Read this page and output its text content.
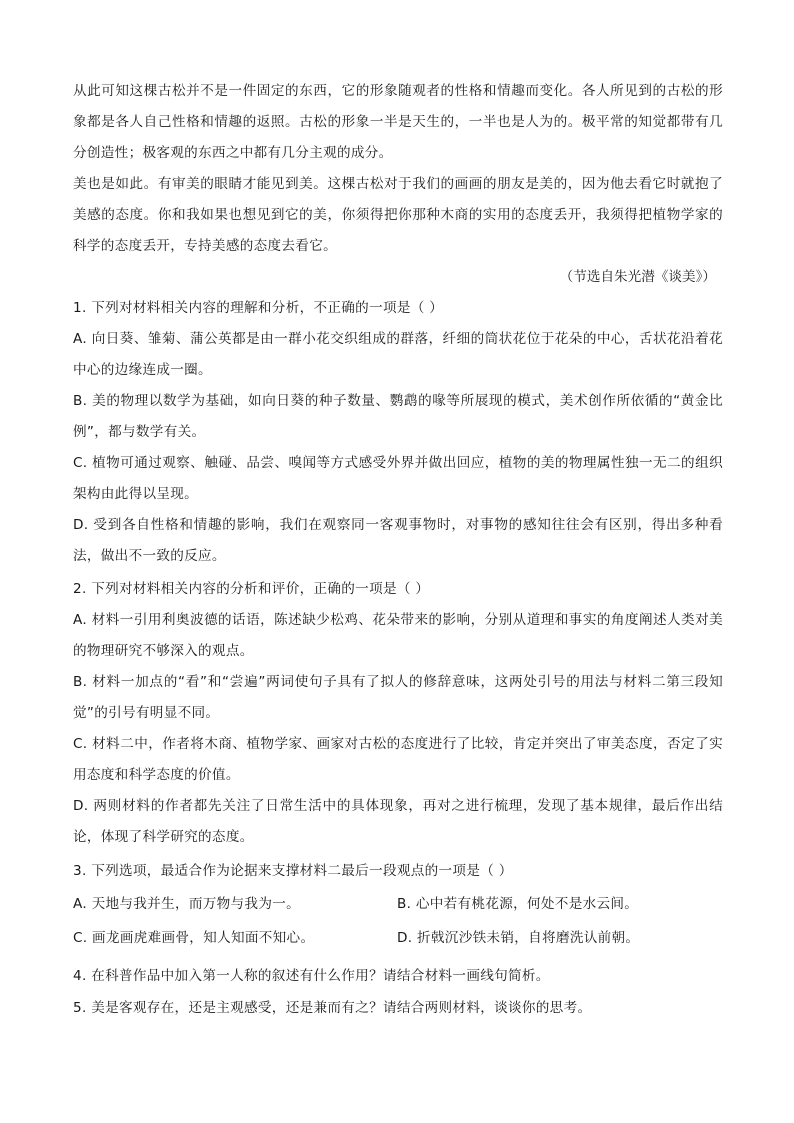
从此可知这棵古松并不是一件固定的东西，它的形象随观者的性格和情趣而变化。各人所见到的古松的形象都是各人自己性格和情趣的返照。古松的形象一半是天生的，一半也是人为的。极平常的知觉都带有几分创造性；极客观的东西之中都有几分主观的成分。

美也是如此。有审美的眼睛才能见到美。这棵古松对于我们的画画的朋友是美的，因为他去看它时就抱了美感的态度。你和我如果也想见到它的美，你须得把你那种木商的实用的态度丢开，我须得把植物学家的科学的态度丢开，专持美感的态度去看它。

（节选自朱光潜《谈美》）

1. 下列对材料相关内容的理解和分析，不正确的一项是（ ）

A. 向日葵、雏菊、蒲公英都是由一群小花交织组成的群落，纤细的筒状花位于花朵的中心，舌状花沿着花中心的边缘连成一圈。

B. 美的物理以数学为基础，如向日葵的种子数量、鹦鹉的喙等所展现的模式，美术创作所依循的“黄金比例”，都与数学有关。

C. 植物可通过观察、触碰、品尝、嗅闻等方式感受外界并做出回应，植物的美的物理属性独一无二的组织架构由此得以呈现。

D. 受到各自性格和情趣的影响，我们在观察同一客观事物时，对事物的感知往往会有区别，得出多种看法，做出不一致的反应。

2. 下列对材料相关内容的分析和评价，正确的一项是（ ）

A. 材料一引用利奥波德的话语，陈述缺少松鸡、花朵带来的影响，分别从道理和事实的角度阐述人类对美的物理研究不够深入的观点。

B. 材料一加点的“看”和“尝遍”两词使句子具有了拟人的修辞意味，这两处引号的用法与材料二第三段知觉”的引号有明显不同。

C. 材料二中，作者将木商、植物学家、画家对古松的态度进行了比较，肯定并突出了审美态度，否定了实用态度和科学态度的价值。

D. 两则材料的作者都先关注了日常生活中的具体现象，再对之进行梳理，发现了基本规律，最后作出结论，体现了科学研究的态度。

3. 下列选项，最适合作为论据来支撑材料二最后一段观点的一项是（ ）

A. 天地与我并生，而万物与我为一。	B. 心中若有桃花源，何处不是水云间。

C. 画龙画虎难画骨，知人知面不知心。	D. 折戟沉沙铁未销，自将磨洗认前朝。

4. 在科普作品中加入第一人称的叙述有什么作用？请结合材料一画线句简析。

5. 美是客观存在，还是主观感受，还是兼而有之？请结合两则材料，谈谈你的思考。
